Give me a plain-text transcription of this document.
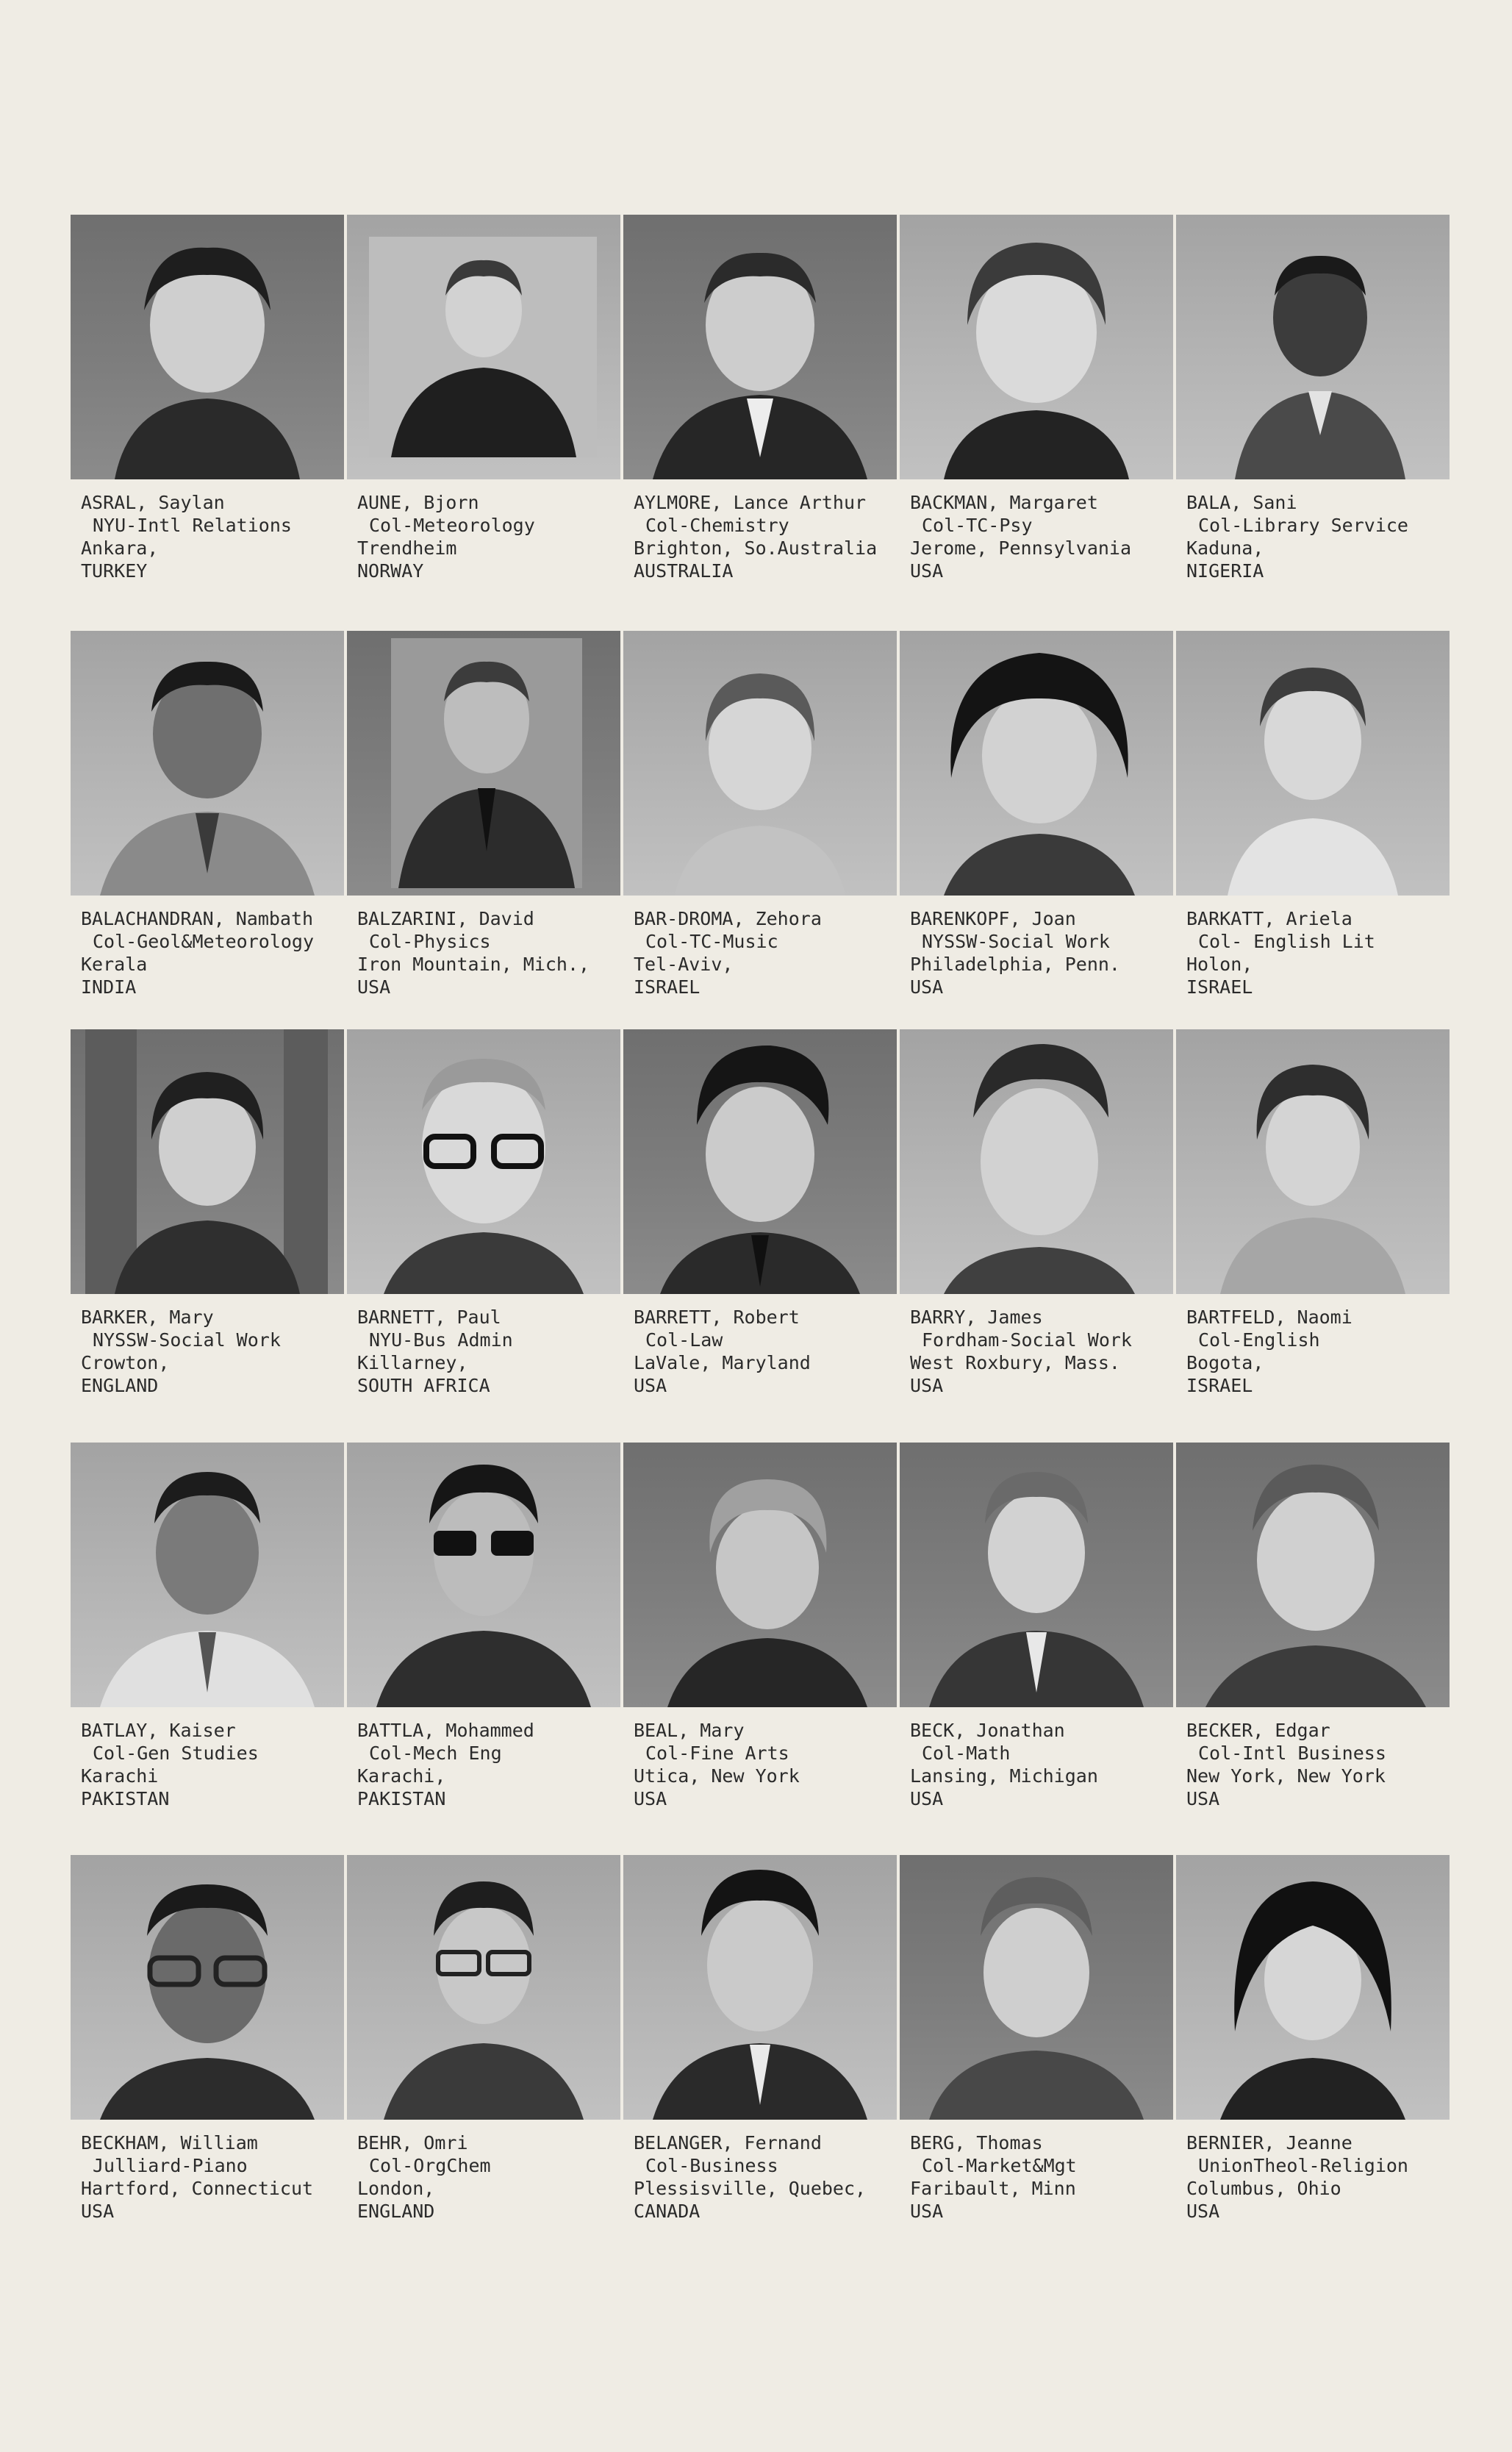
ASRAL, Saylan
NYU-Intl Relations
Ankara,
TURKEY
AUNE, Bjorn
Col-Meteorology
Trendheim
NORWAY
AYLMORE, Lance Arthur
Col-Chemistry
Brighton, So.Australia
AUSTRALIA
BACKMAN, Margaret
Col-TC-Psy
Jerome, Pennsylvania
USA
BALA, Sani
Col-Library Service
Kaduna,
NIGERIA
BALACHANDRAN, Nambath
Col-Geol&Meteorology
Kerala
INDIA
BALZARINI, David
Col-Physics
Iron Mountain, Mich.,
USA
BAR-DROMA, Zehora
Col-TC-Music
Tel-Aviv,
ISRAEL
BARENKOPF, Joan
NYSSW-Social Work
Philadelphia, Penn.
USA
BARKATT, Ariela
Col- English Lit
Holon,
ISRAEL
BARKER, Mary
NYSSW-Social Work
Crowton,
ENGLAND
BARNETT, Paul
NYU-Bus Admin
Killarney,
SOUTH AFRICA
BARRETT, Robert
Col-Law
LaVale, Maryland
USA
BARRY, James
Fordham-Social Work
West Roxbury, Mass.
USA
BARTFELD, Naomi
Col-English
Bogota,
ISRAEL
BATLAY, Kaiser
Col-Gen Studies
Karachi
PAKISTAN
BATTLA, Mohammed
Col-Mech Eng
Karachi,
PAKISTAN
BEAL, Mary
Col-Fine Arts
Utica, New York
USA
BECK, Jonathan
Col-Math
Lansing, Michigan
USA
BECKER, Edgar
Col-Intl Business
New York, New York
USA
BECKHAM, William
Julliard-Piano
Hartford, Connecticut
USA
BEHR, Omri
Col-OrgChem
London,
ENGLAND
BELANGER, Fernand
Col-Business
Plessisville, Quebec,
CANADA
BERG, Thomas
Col-Market&Mgt
Faribault, Minn
USA
BERNIER, Jeanne
UnionTheol-Religion
Columbus, Ohio
USA
